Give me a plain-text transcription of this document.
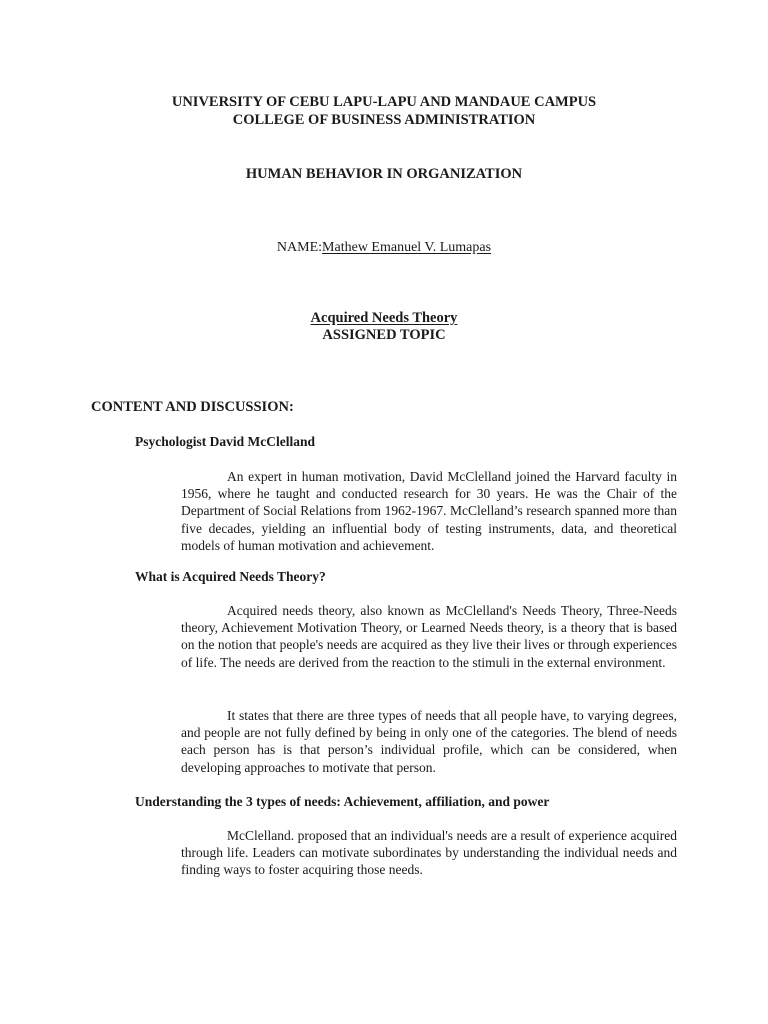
UNIVERSITY OF CEBU LAPU-LAPU AND MANDAUE CAMPUS
COLLEGE OF BUSINESS ADMINISTRATION
HUMAN BEHAVIOR IN ORGANIZATION
NAME:Mathew Emanuel V. Lumapas
Acquired Needs Theory
ASSIGNED TOPIC
CONTENT AND DISCUSSION:
Psychologist David McClelland

An expert in human motivation, David McClelland joined the Harvard faculty in 1956, where he taught and conducted research for 30 years. He was the Chair of the Department of Social Relations from 1962-1967. McClelland’s research spanned more than five decades, yielding an influential body of testing instruments, data, and theoretical models of human motivation and achievement.

What is Acquired Needs Theory?

Acquired needs theory, also known as McClelland's Needs Theory, Three-Needs theory, Achievement Motivation Theory, or Learned Needs theory, is a theory that is based on the notion that people's needs are acquired as they live their lives or through experiences of life. The needs are derived from the reaction to the stimuli in the external environment.

It states that there are three types of needs that all people have, to varying degrees, and people are not fully defined by being in only one of the categories. The blend of needs each person has is that person’s individual profile, which can be considered, when developing approaches to motivate that person.

Understanding the 3 types of needs: Achievement, affiliation, and power

McClelland. proposed that an individual's needs are a result of experience acquired through life. Leaders can motivate subordinates by understanding the individual needs and finding ways to foster acquiring those needs.
